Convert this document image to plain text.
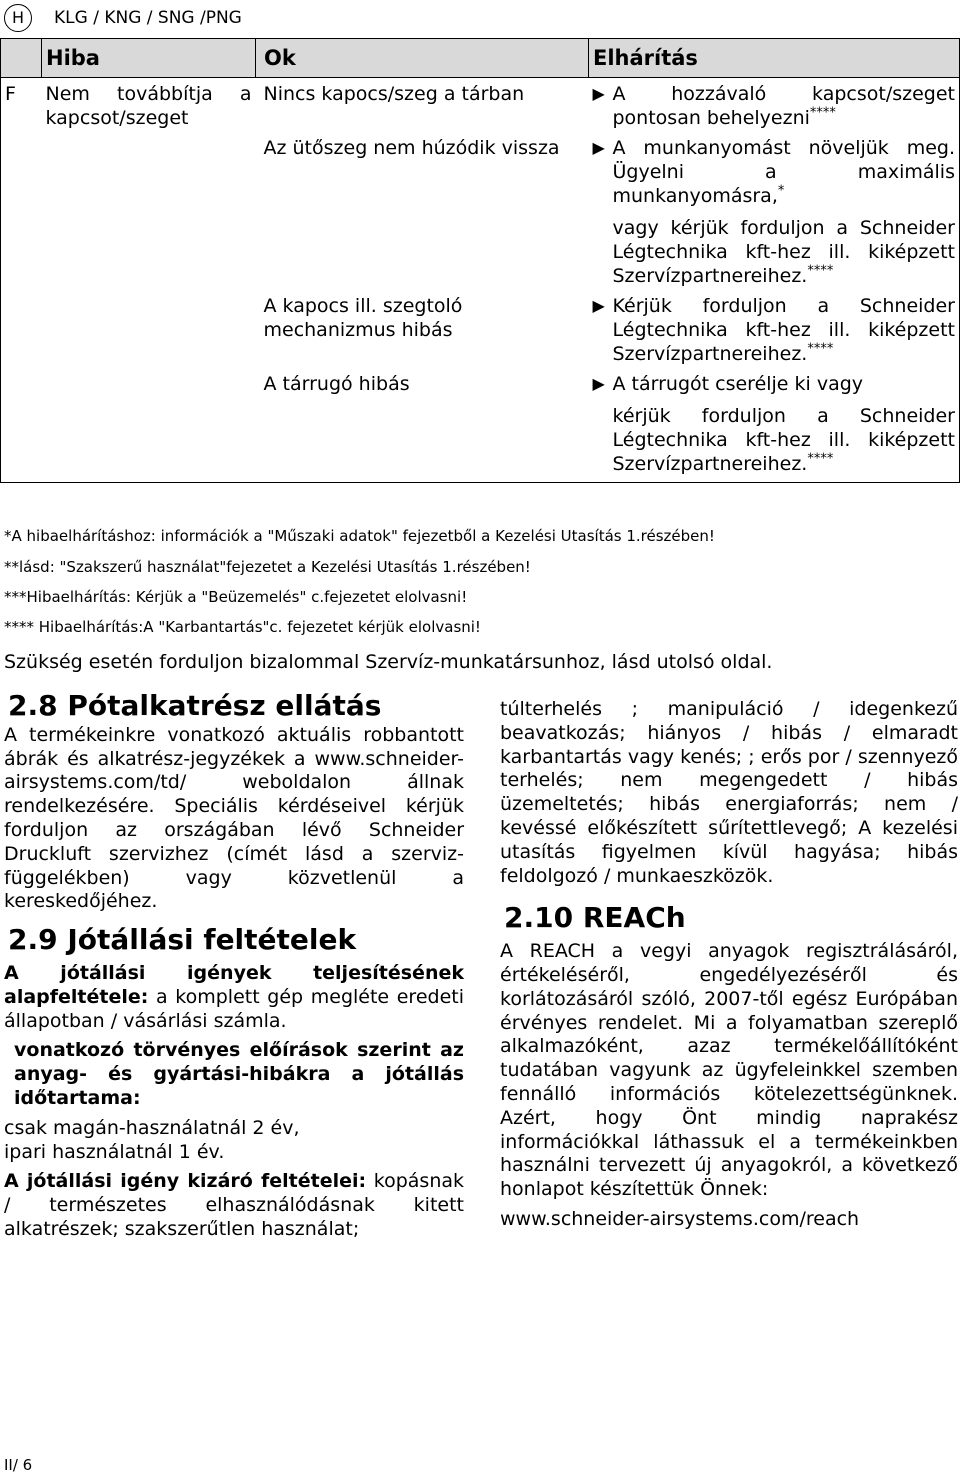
H	KLG / KNG / SNG /PNG
	Hiba	Ok	Elhárítás
F	Nem továbbítja a kapcsot/szeget	Nincs kapocs/szeg a tárban	▶ A hozzávaló kapcsot/szeget pontosan behelyezni****

		Az ütőszeg nem húzódik vissza	▶ A munkanyomást növeljük meg. Ügyelni a maximális munkanyomásra,*
vagy kérjük forduljon a Schneider Légtechnika kft-hez ill. kiképzett Szervízpartnereihez.****

		A kapocs ill. szegtoló mechanizmus hibás	▶ Kérjük forduljon a Schneider Légtechnika kft-hez ill. kiképzett Szervízpartnereihez.****

		A tárrugó hibás	▶ A tárrugót cserélje ki vagy
kérjük forduljon a Schneider Légtechnika kft-hez ill. kiképzett Szervízpartnereihez.****
*A hibaelhárításhoz: információk a "Műszaki adatok" fejezetből a Kezelési Utasítás 1.részében!
**lásd: "Szakszerű használat"fejezetet a Kezelési Utasítás 1.részében!
***Hibaelhárítás: Kérjük a "Beüzemelés" c.fejezetet elolvasni!
**** Hibaelhárítás:A "Karbantartás"c. fejezetet kérjük elolvasni!
Szükség esetén forduljon bizalommal Szervíz-munkatársunhoz, lásd utolsó oldal.

2.8 Pótalkatrész ellátás

A termékeinkre vonatkozó aktuális robbantott ábrák és alkatrész-jegyzékek a www.schneider-airsystems.com/td/ weboldalon állnak rendelkezésére. Speciális kérdéseivel kérjük forduljon az országában lévő Schneider Druckluft szervizhez (címét lásd a szerviz-függelékben) vagy közvetlenül a kereskedőjéhez.

2.9 Jótállási feltételek

A jótállási igények teljesítésének alapfeltétele: a komplett gép megléte eredeti állapotban / vásárlási számla.

vonatkozó törvényes előírások szerint az anyag- és gyártási-hibákra a jótállás időtartama:

csak magán-használatnál 2 év,

ipari használatnál 1 év.

A jótállási igény kizáró feltételei: kopásnak / természetes elhasználódásnak kitett alkatrészek; szakszerűtlen használat;

túlterhelés ; manipuláció / idegenkezű beavatkozás; hiányos / hibás / elmaradt karbantartás vagy kenés; ; erős por / szennyező terhelés; nem megengedett / hibás üzemeltetés; hibás energiaforrás; nem / kevéssé előkészített sűrítettlevegő; A kezelési utasítás figyelmen kívül hagyása; hibás feldolgozó / munkaeszközök.

2.10 REACh

A REACH a vegyi anyagok regisztrálásáról, értékeléséről, engedélyezéséről és korlátozásáról szóló, 2007-től egész Európában érvényes rendelet. Mi a folyamatban szereplő alkalmazóként, azaz termékelőállítóként tudatában vagyunk az ügyfeleinkkel szemben fennálló információs kötelezettségünknek. Azért, hogy Önt mindig naprakész információkkal láthassuk el a termékeinkben használni tervezett új anyagokról, a következő honlapot készítettük Önnek:

www.schneider-airsystems.com/reach

II/ 6
